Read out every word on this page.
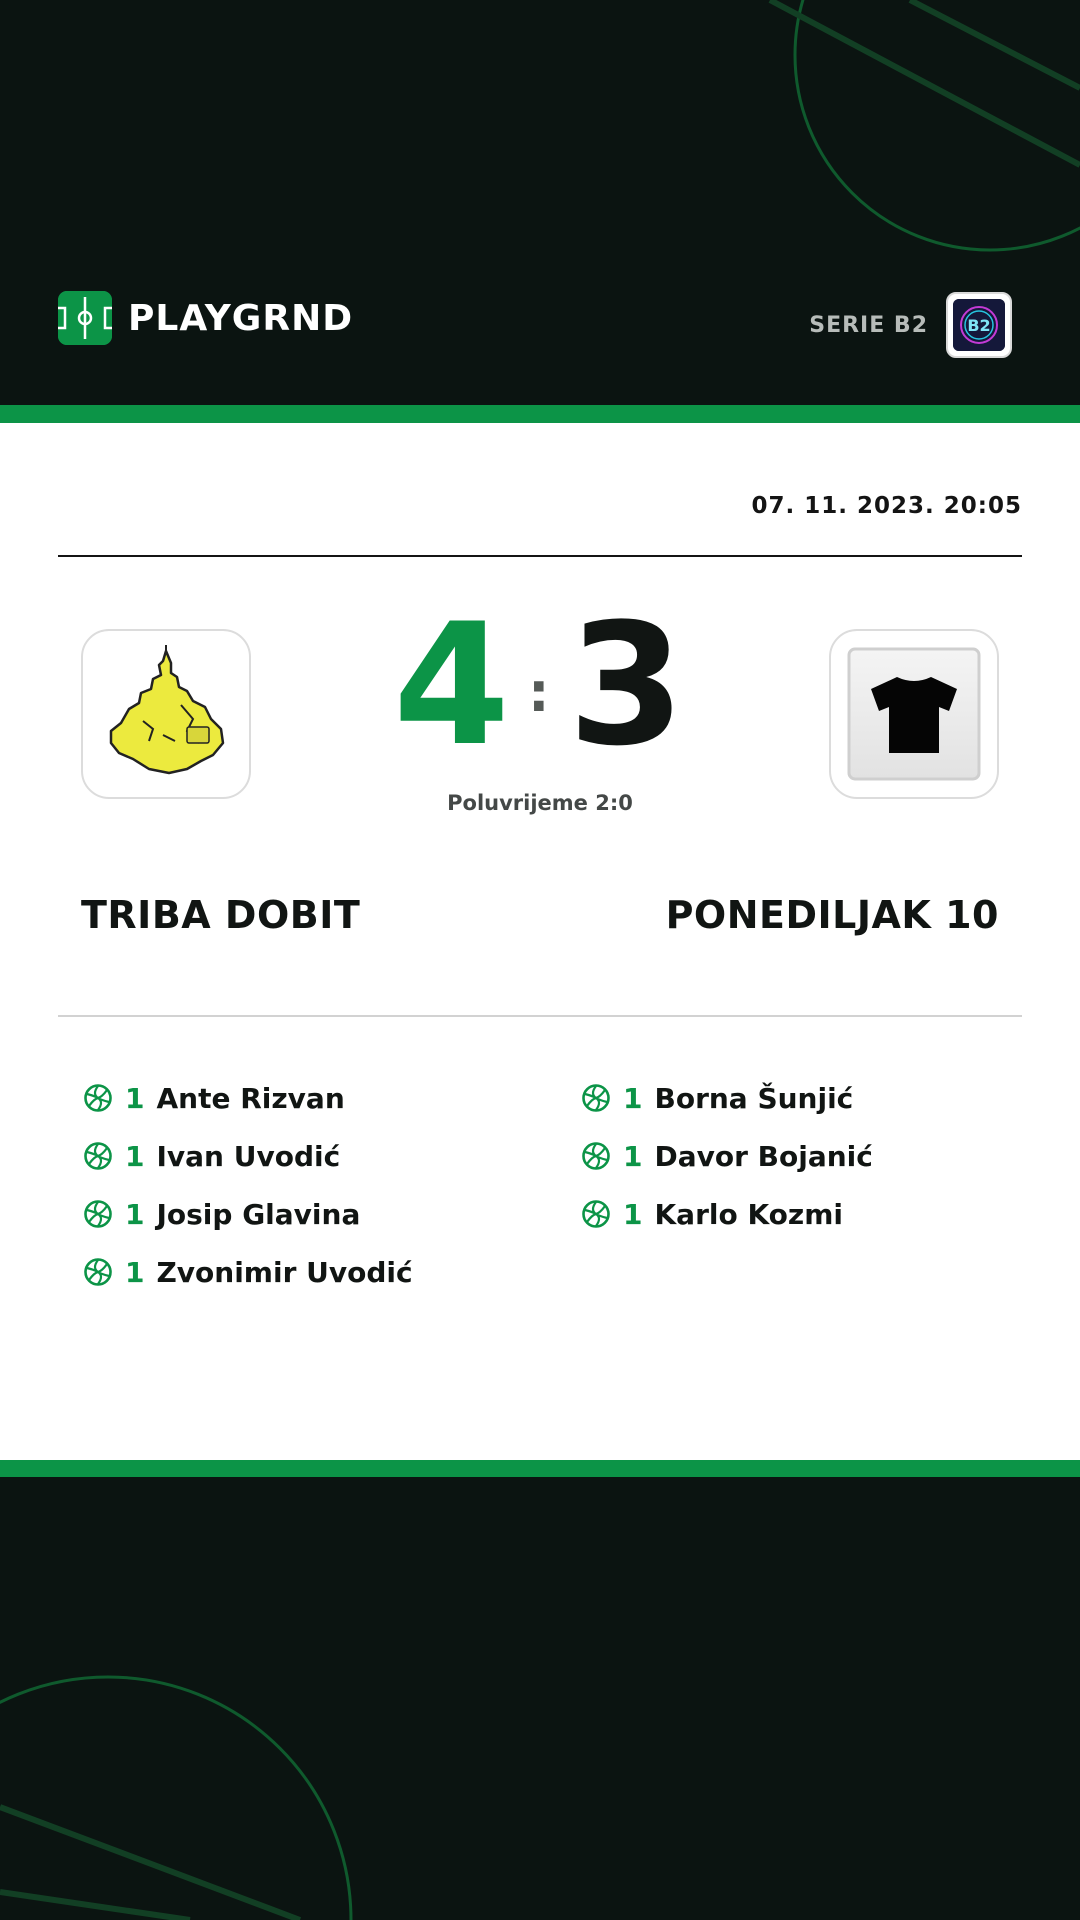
PLAYGRND	SERIE B2 B2
07. 11. 2023. 20:05
4 : 3
Poluvrijeme 2:0
TRIBA DOBIT	PONEDILJAK 10
1 Ante Rizvan
1 Ivan Uvodić
1 Josip Glavina
1 Zvonimir Uvodić
1 Borna Šunjić
1 Davor Bojanić
1 Karlo Kozmi
